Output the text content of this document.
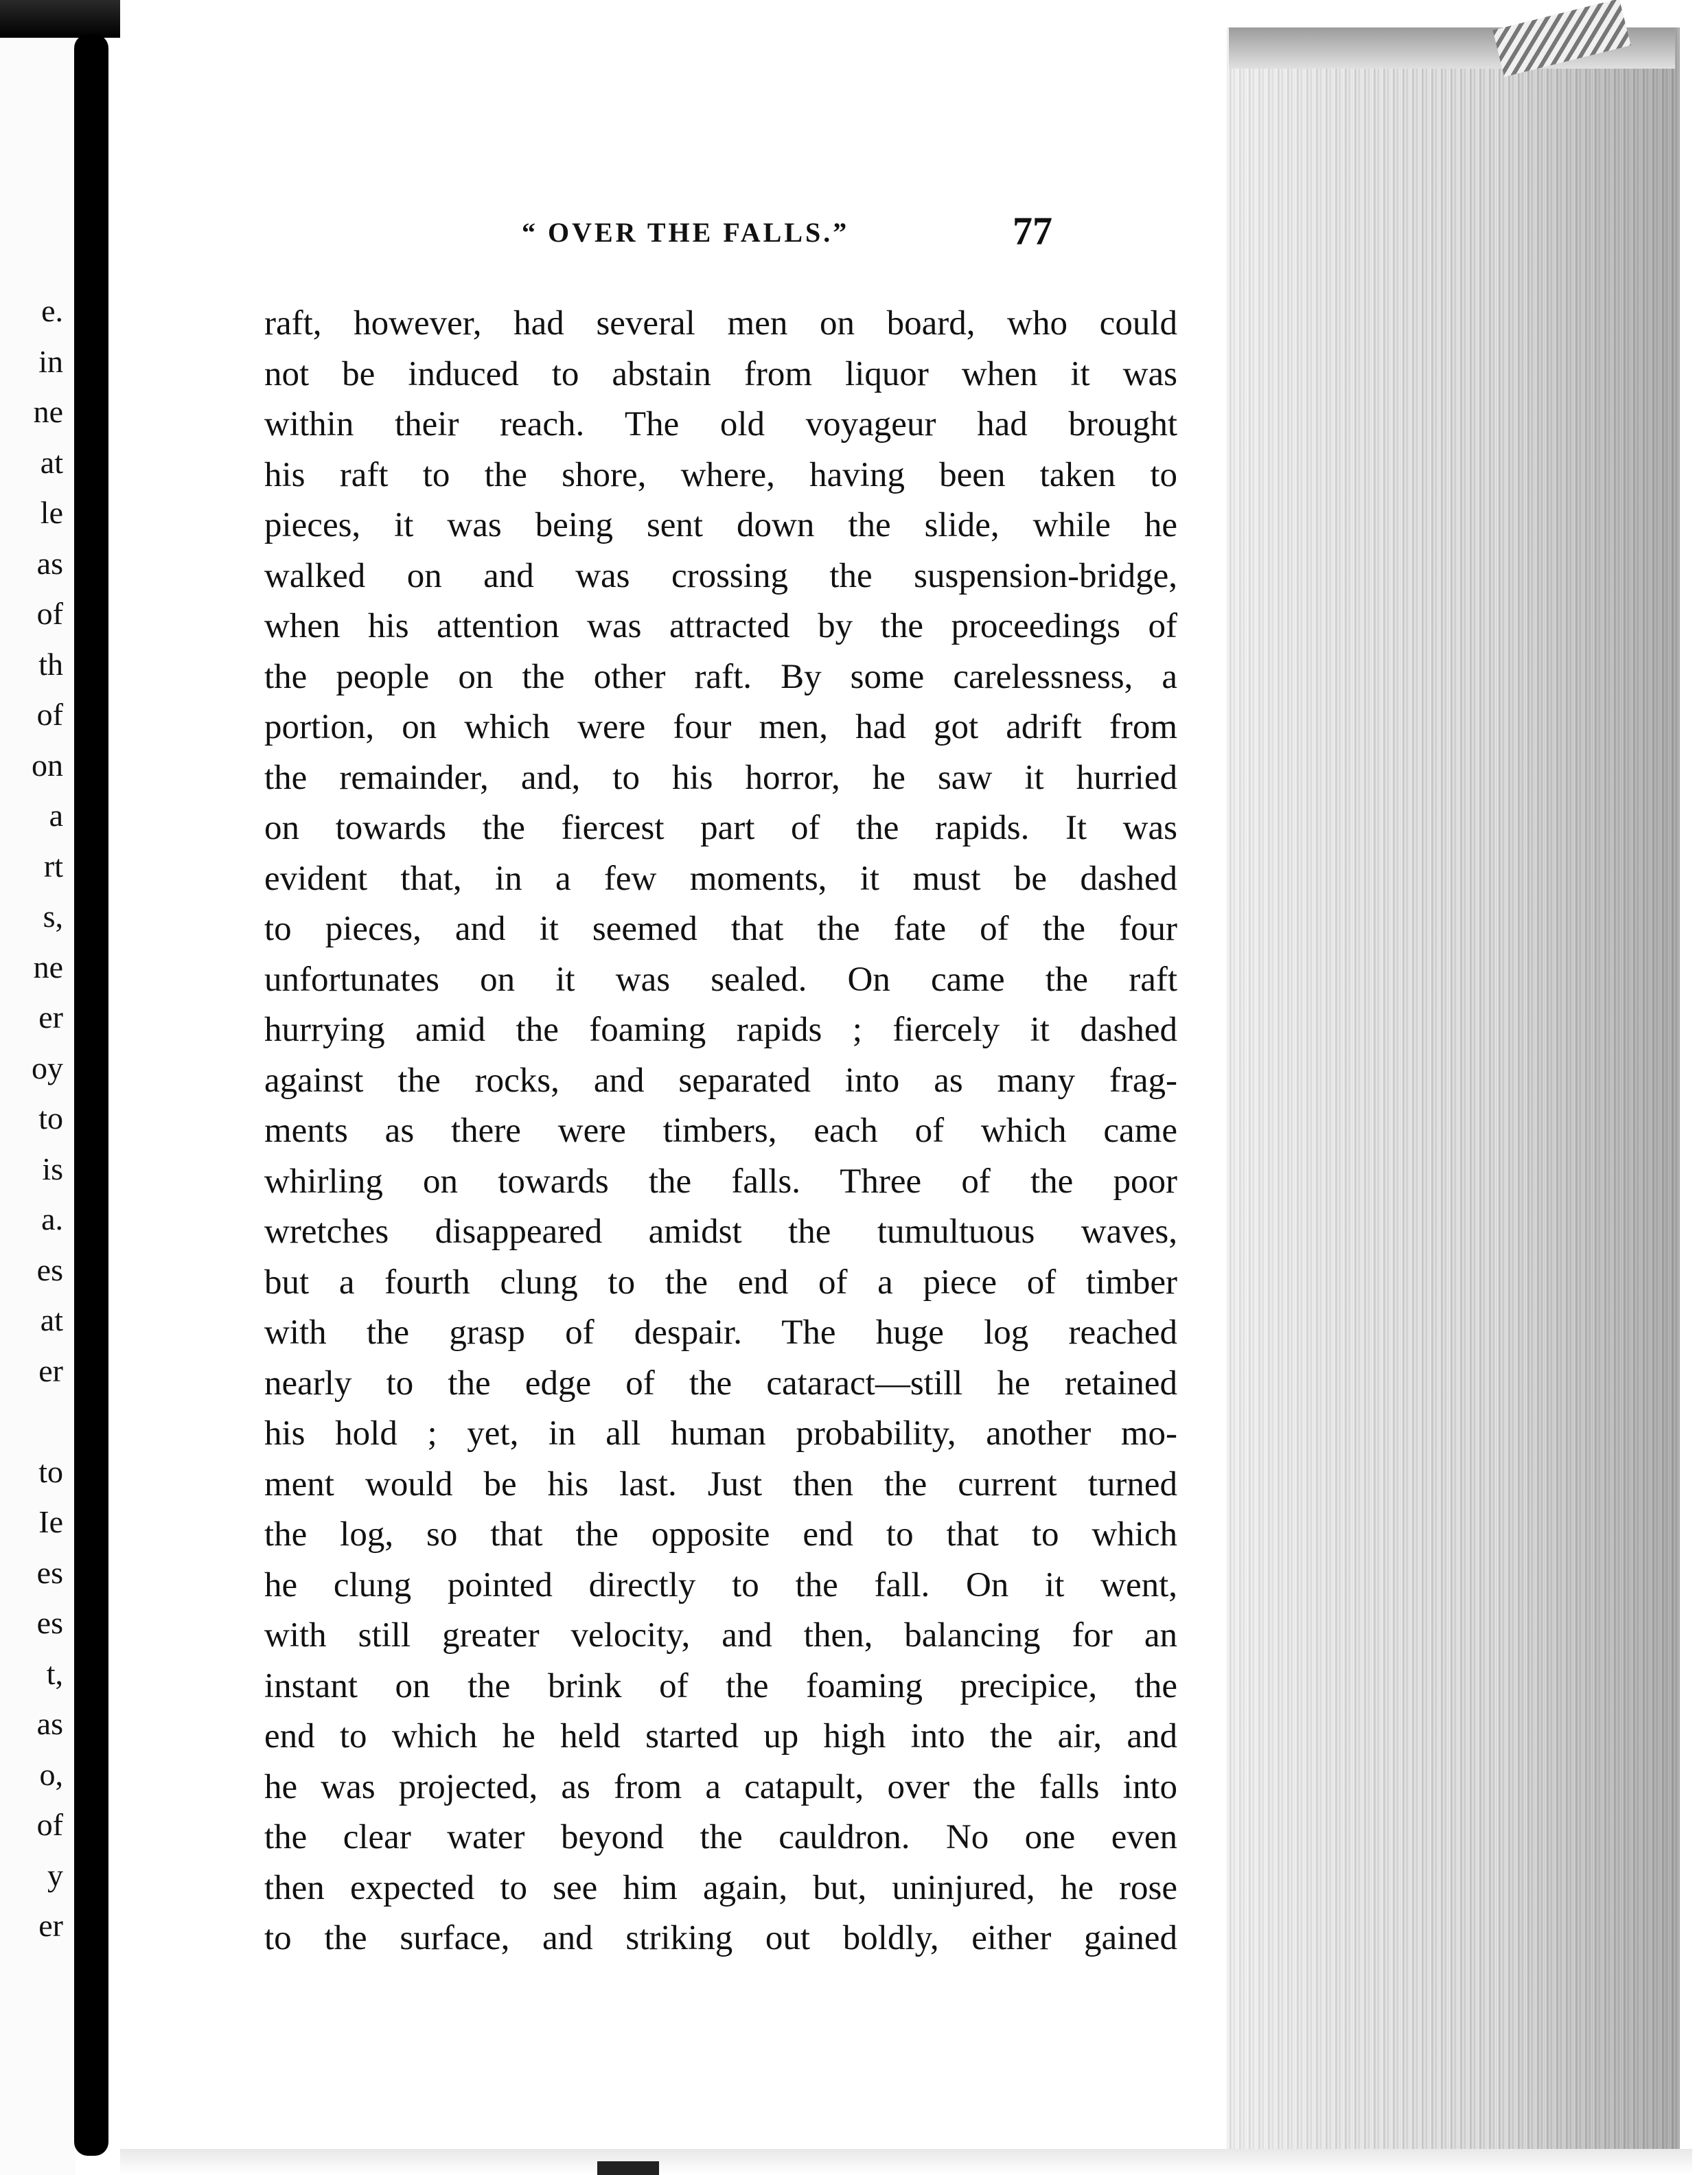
e.
in
ne
at
le
as
of
th
of
on
a
rt
s,
ne
er
oy
to
is
a.
es
at
er
to
Ie
es
es
t,
as
o,
of
y
er
“ OVER THE FALLS.”	77
raft, however, had several men on board, who could
not be induced to abstain from liquor when it was
within their reach. The old voyageur had brought
his raft to the shore, where, having been taken to
pieces, it was being sent down the slide, while he
walked on and was crossing the suspension-bridge,
when his attention was attracted by the proceedings of
the people on the other raft. By some carelessness, a
portion, on which were four men, had got adrift from
the remainder, and, to his horror, he saw it hurried
on towards the fiercest part of the rapids. It was
evident that, in a few moments, it must be dashed
to pieces, and it seemed that the fate of the four
unfortunates on it was sealed. On came the raft
hurrying amid the foaming rapids ; fiercely it dashed
against the rocks, and separated into as many frag-
ments as there were timbers, each of which came
whirling on towards the falls. Three of the poor
wretches disappeared amidst the tumultuous waves,
but a fourth clung to the end of a piece of timber
with the grasp of despair. The huge log reached
nearly to the edge of the cataract—still he retained
his hold ; yet, in all human probability, another mo-
ment would be his last. Just then the current turned
the log, so that the opposite end to that to which
he clung pointed directly to the fall. On it went,
with still greater velocity, and then, balancing for an
instant on the brink of the foaming precipice, the
end to which he held started up high into the air, and
he was projected, as from a catapult, over the falls into
the clear water beyond the cauldron. No one even
then expected to see him again, but, uninjured, he rose
to the surface, and striking out boldly, either gained
